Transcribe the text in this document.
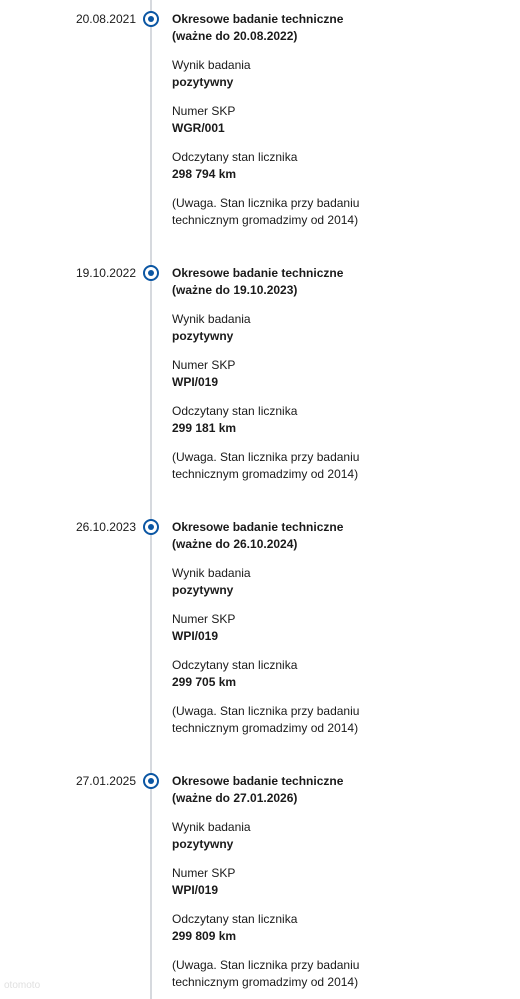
20.08.2021	Okresowe badanie techniczne
(ważne do 20.08.2022)
Wynik badania
pozytywny
Numer SKP
WGR/001
Odczytany stan licznika
298 794 km
(Uwaga. Stan licznika przy badaniu
technicznym gromadzimy od 2014)
19.10.2022	Okresowe badanie techniczne
(ważne do 19.10.2023)
Wynik badania
pozytywny
Numer SKP
WPI/019
Odczytany stan licznika
299 181 km
(Uwaga. Stan licznika przy badaniu
technicznym gromadzimy od 2014)
26.10.2023	Okresowe badanie techniczne
(ważne do 26.10.2024)
Wynik badania
pozytywny
Numer SKP
WPI/019
Odczytany stan licznika
299 705 km
(Uwaga. Stan licznika przy badaniu
technicznym gromadzimy od 2014)
27.01.2025	Okresowe badanie techniczne
(ważne do 27.01.2026)
Wynik badania
pozytywny
Numer SKP
WPI/019
Odczytany stan licznika
299 809 km
(Uwaga. Stan licznika przy badaniu
technicznym gromadzimy od 2014)
otomoto
